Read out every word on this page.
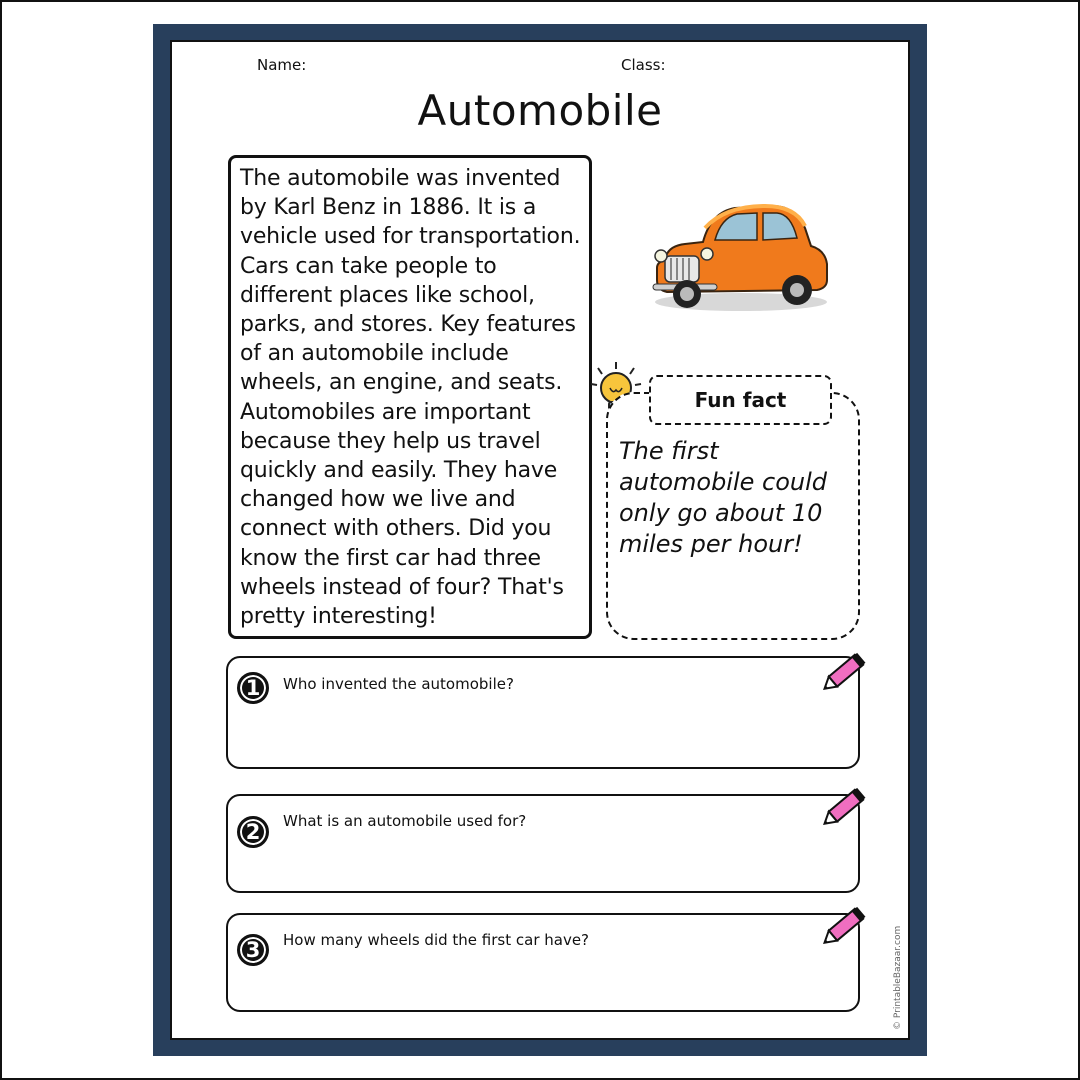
Name:	Class:
Automobile
The automobile was invented by Karl Benz in 1886. It is a vehicle used for transportation. Cars can take people to different places like school, parks, and stores. Key features of an automobile include wheels, an engine, and seats. Automobiles are important because they help us travel quickly and easily. They have changed how we live and connect with others. Did you know the first car had three wheels instead of four? That's pretty interesting!
Fun fact
The first automobile could only go about 10 miles per hour!
1	Who invented the automobile?
2	What is an automobile used for?
3	How many wheels did the first car have?	© PrintableBazaar.com
